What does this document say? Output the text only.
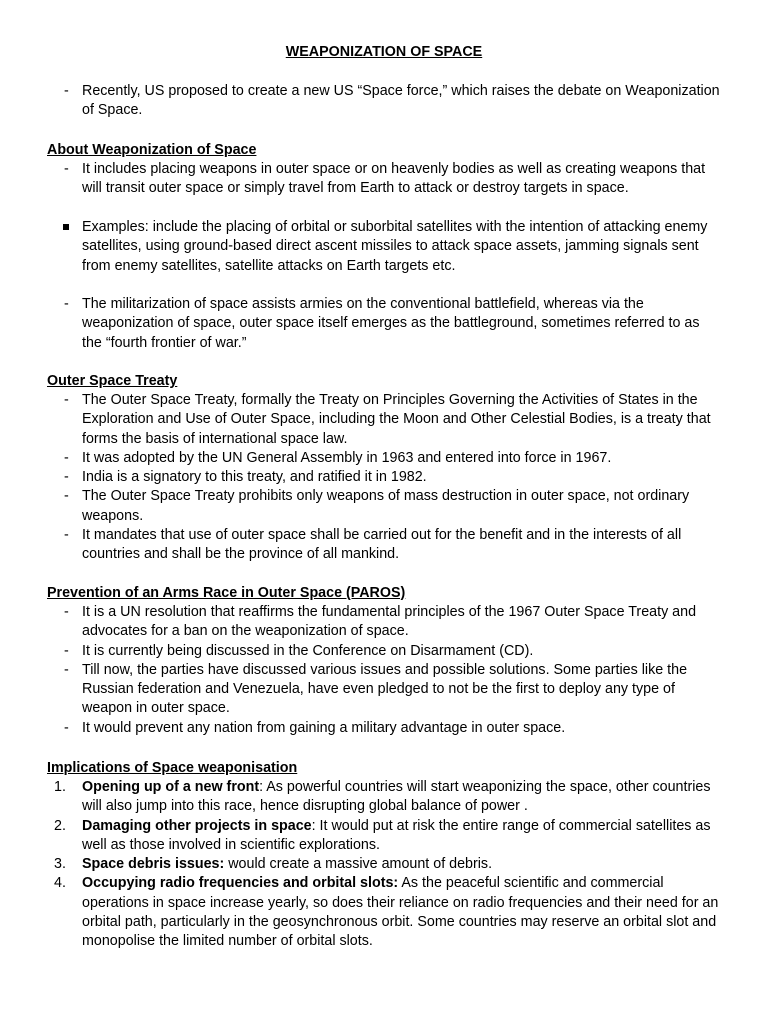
WEAPONIZATION OF SPACE
- Recently, US proposed to create a new US “Space force,” which raises the debate on Weaponization of Space.
About Weaponization of Space
- It includes placing weapons in outer space or on heavenly bodies as well as creating weapons that will transit outer space or simply travel from Earth to attack or destroy targets in space.
Examples: include the placing of orbital or suborbital satellites with the intention of attacking enemy satellites, using ground-based direct ascent missiles to attack space assets, jamming signals sent from enemy satellites, satellite attacks on Earth targets etc.
- The militarization of space assists armies on the conventional battlefield, whereas via the weaponization of space, outer space itself emerges as the battleground, sometimes referred to as the “fourth frontier of war.”
Outer Space Treaty
- The Outer Space Treaty, formally the Treaty on Principles Governing the Activities of States in the Exploration and Use of Outer Space, including the Moon and Other Celestial Bodies, is a treaty that forms the basis of international space law.
- It was adopted by the UN General Assembly in 1963 and entered into force in 1967.
- India is a signatory to this treaty, and ratified it in 1982.
- The Outer Space Treaty prohibits only weapons of mass destruction in outer space, not ordinary weapons.
- It mandates that use of outer space shall be carried out for the benefit and in the interests of all countries and shall be the province of all mankind.
Prevention of an Arms Race in Outer Space (PAROS)
- It is a UN resolution that reaffirms the fundamental principles of the 1967 Outer Space Treaty and advocates for a ban on the weaponization of space.
- It is currently being discussed in the Conference on Disarmament (CD).
- Till now, the parties have discussed various issues and possible solutions. Some parties like the Russian federation and Venezuela, have even pledged to not be the first to deploy any type of weapon in outer space.
- It would prevent any nation from gaining a military advantage in outer space.
Implications of Space weaponisation
1. Opening up of a new front: As powerful countries will start weaponizing the space, other countries will also jump into this race, hence disrupting global balance of power .
2. Damaging other projects in space: It would put at risk the entire range of commercial satellites as well as those involved in scientific explorations.
3. Space debris issues: would create a massive amount of debris.
4. Occupying radio frequencies and orbital slots: As the peaceful scientific and commercial operations in space increase yearly, so does their reliance on radio frequencies and their need for an orbital path, particularly in the geosynchronous orbit. Some countries may reserve an orbital slot and monopolise the limited number of orbital slots.
